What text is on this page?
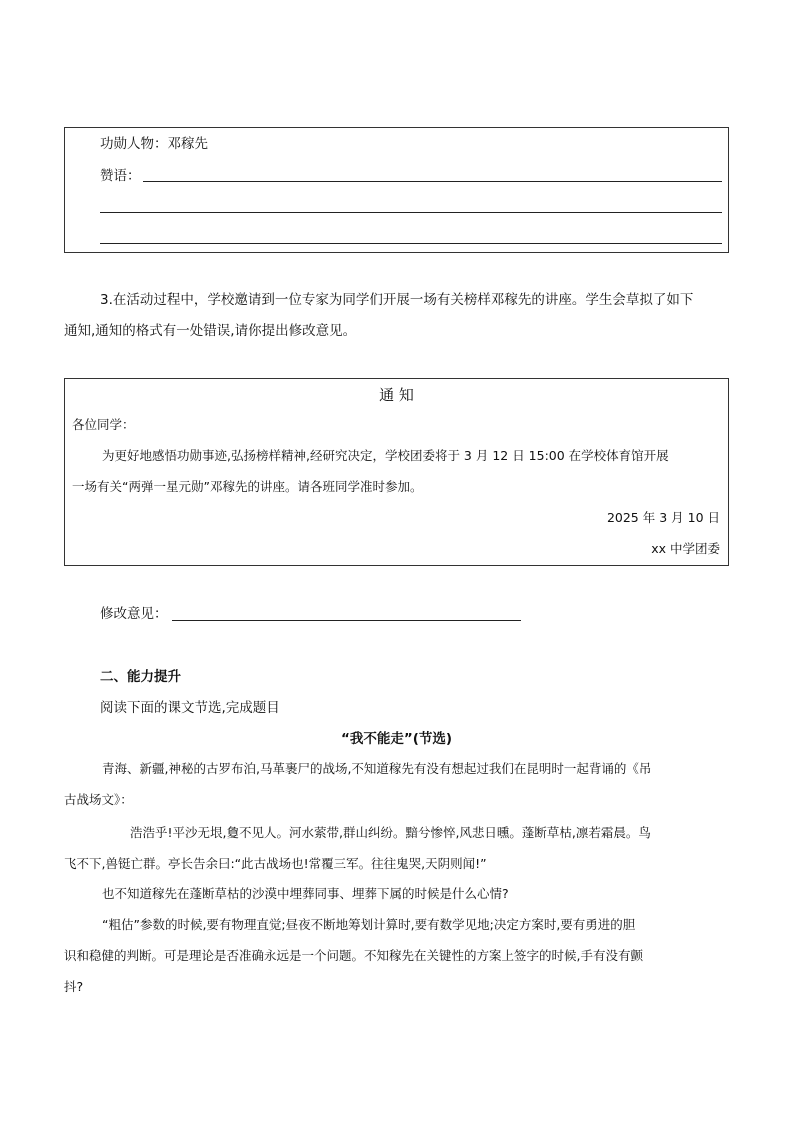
功勋人物：邓稼先
赞语：
3.在活动过程中，学校邀请到一位专家为同学们开展一场有关榜样邓稼先的讲座。学生会草拟了如下
通知,通知的格式有一处错误,请你提出修改意见。
通 知
各位同学：
为更好地感悟功勋事迹,弘扬榜样精神,经研究决定，学校团委将于 3 月 12 日 15:00 在学校体育馆开展
一场有关“两弹一星元勋”邓稼先的讲座。请各班同学准时参加。
2025 年 3 月 10 日
xx 中学团委
修改意见：
二、能力提升
阅读下面的课文节选,完成题目
“我不能走”(节选)
青海、新疆,神秘的古罗布泊,马革裹尸的战场,不知道稼先有没有想起过我们在昆明时一起背诵的《吊
古战场文》：
浩浩乎!平沙无垠,敻不见人。河水萦带,群山纠纷。黯兮惨悴,风悲日曛。蓬断草枯,凛若霜晨。鸟
飞不下,兽铤亡群。亭长告余曰:“此古战场也!常覆三军。往往鬼哭,天阴则闻!”
也不知道稼先在蓬断草枯的沙漠中埋葬同事、埋葬下属的时候是什么心情?
“粗估”参数的时候,要有物理直觉;昼夜不断地筹划计算时,要有数学见地;决定方案时,要有勇进的胆
识和稳健的判断。可是理论是否准确永远是一个问题。不知稼先在关键性的方案上签字的时候,手有没有颤
抖?
